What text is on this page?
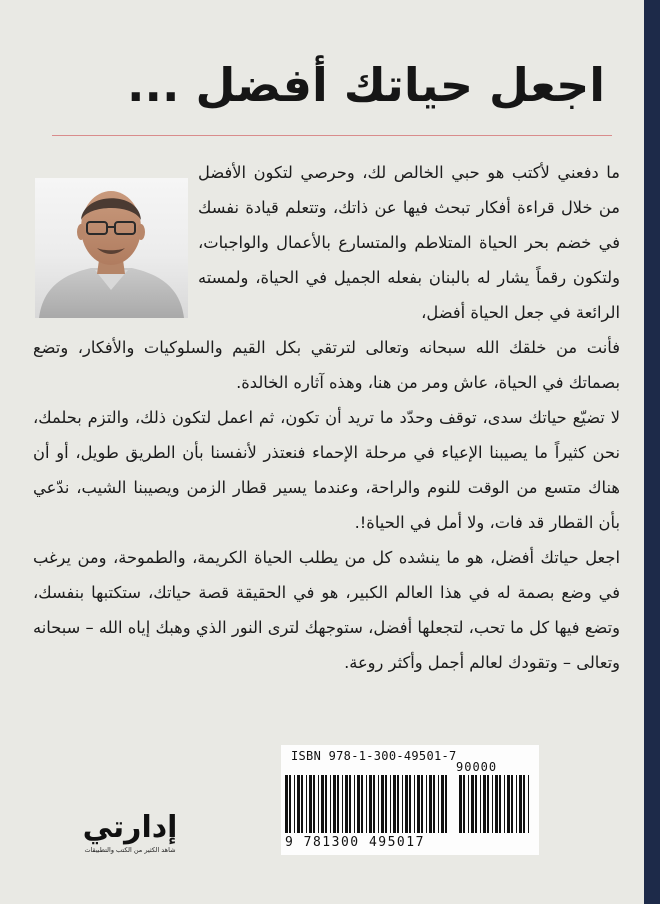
اجعل حياتك أفضل ...

ما دفعني لأكتب هو حبي الخالص لك، وحرصي لتكون الأفضل من خلال قراءة أفكار تبحث فيها عن ذاتك، وتتعلم قيادة نفسك في خضم بحر الحياة المتلاطم والمتسارع بالأعمال والواجبات، ولتكون رقماً يشار له بالبنان بفعله الجميل في الحياة، ولمسته الرائعة في جعل الحياة أفضل،

فأنت من خلقك الله سبحانه وتعالى لترتقي بكل القيم والسلوكيات والأفكار، وتضع بصماتك في الحياة، عاش ومر من هنا، وهذه آثاره الخالدة.

لا تضيّع حياتك سدى، توقف وحدّد ما تريد أن تكون، ثم اعمل لتكون ذلك، والتزم بحلمك، نحن كثيراً ما يصيبنا الإعياء في مرحلة الإحماء فنعتذر لأنفسنا بأن الطريق طويل، أو أن هناك متسع من الوقت للنوم والراحة، وعندما يسير قطار الزمن ويصيبنا الشيب، ندّعي بأن القطار قد فات، ولا أمل في الحياة!.

اجعل حياتك أفضل، هو ما ينشده كل من يطلب الحياة الكريمة، والطموحة، ومن يرغب في وضع بصمة له في هذا العالم الكبير، هو في الحقيقة قصة حياتك، ستكتبها بنفسك، وتضع فيها كل ما تحب، لتجعلها أفضل، ستوجهك لترى النور الذي وهبك إياه الله – سبحانه وتعالى – وتقودك لعالم أجمل وأكثر روعة.

إدارتي
شاهد الكثير من الكتب والتطبيقات
ISBN 978-1-300-49501-7
90000
9 781300 495017
